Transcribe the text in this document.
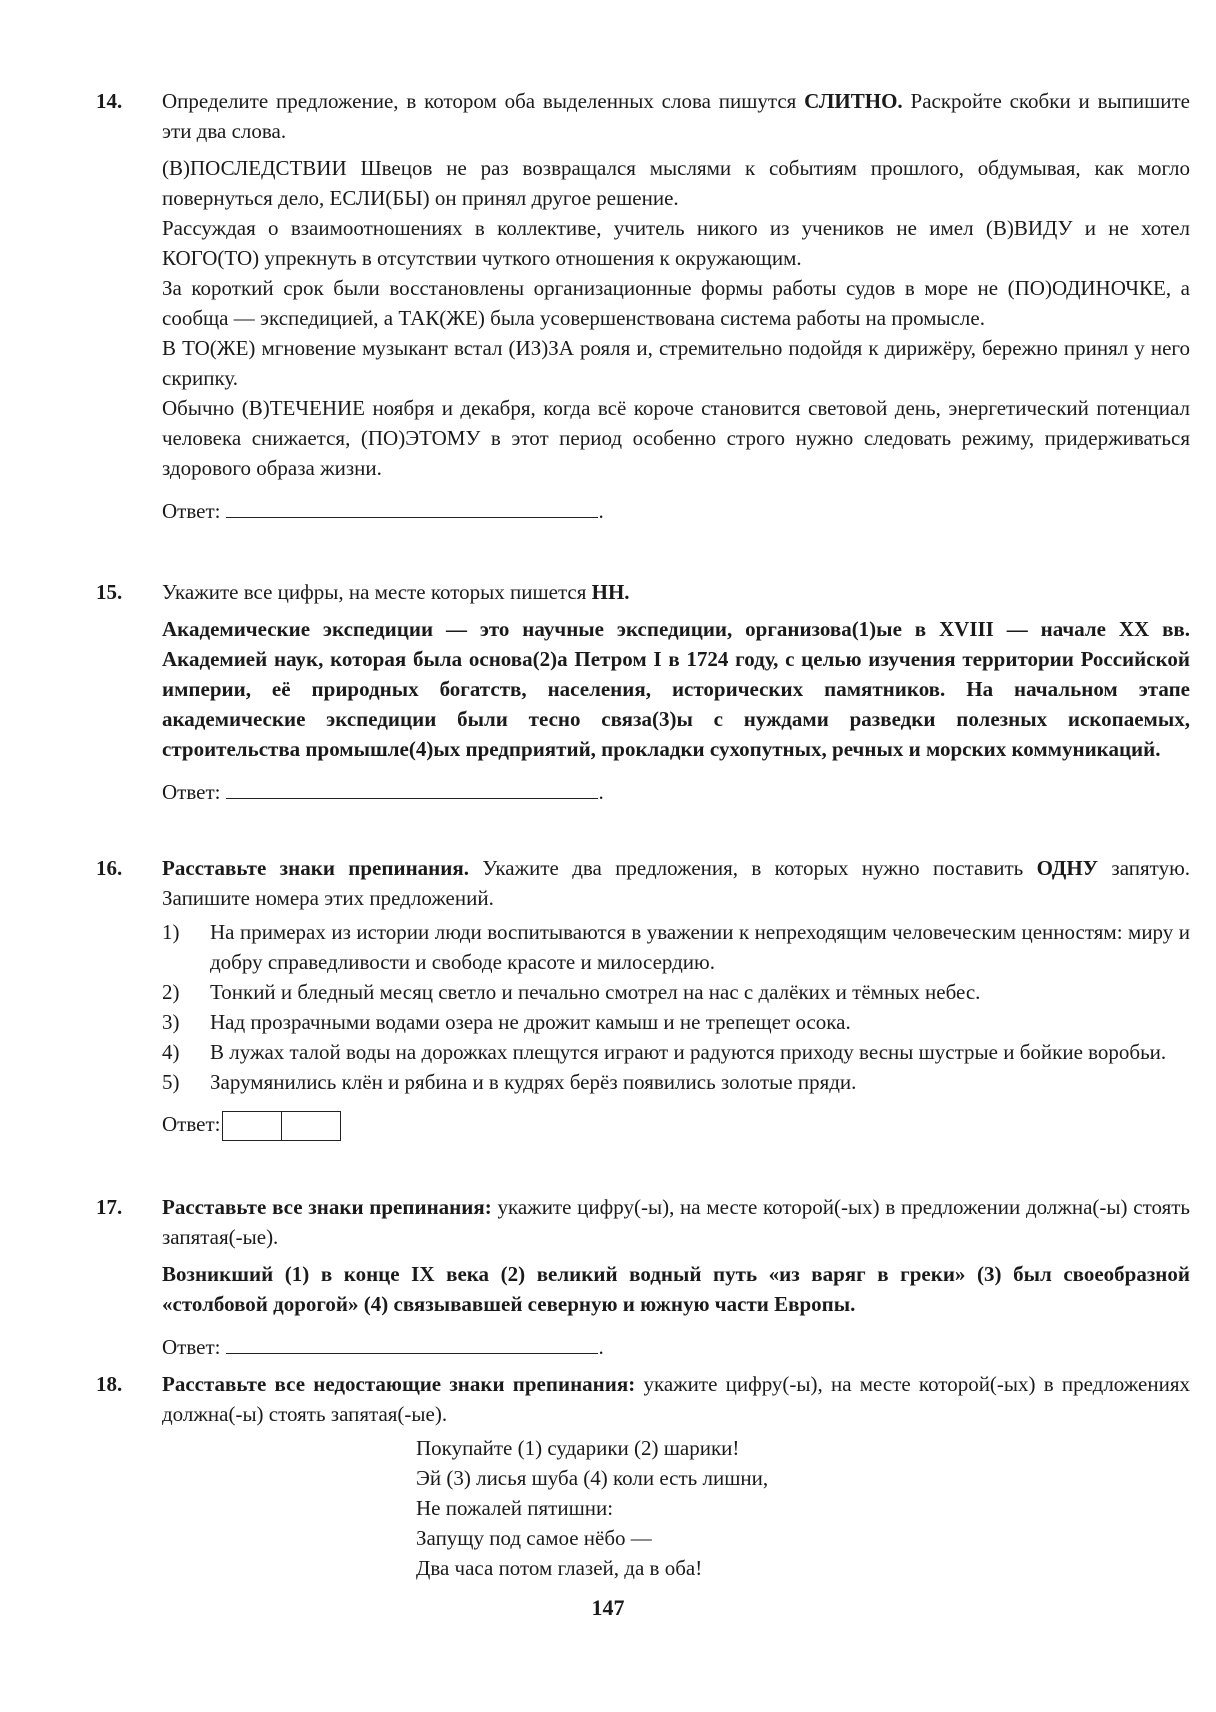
14. Определите предложение, в котором оба выделенных слова пишутся СЛИТНО. Раскройте скобки и выпишите эти два слова.

(В)ПОСЛЕДСТВИИ Швецов не раз возвращался мыслями к событиям прошлого, обдумывая, как могло повернуться дело, ЕСЛИ(БЫ) он принял другое решение.

Рассуждая о взаимоотношениях в коллективе, учитель никого из учеников не имел (В)ВИДУ и не хотел КОГО(ТО) упрекнуть в отсутствии чуткого отношения к окружающим.

За короткий срок были восстановлены организационные формы работы судов в море не (ПО)ОДИНОЧКЕ, а сообща — экспедицией, а ТАК(ЖЕ) была усовершенствована система работы на промысле.

В ТО(ЖЕ) мгновение музыкант встал (ИЗ)ЗА рояля и, стремительно подойдя к дирижёру, бережно принял у него скрипку.

Обычно (В)ТЕЧЕНИЕ ноября и декабря, когда всё короче становится световой день, энергетический потенциал человека снижается, (ПО)ЭТОМУ в этот период особенно строго нужно следовать режиму, придерживаться здорового образа жизни.

Ответ:	.
15. Укажите все цифры, на месте которых пишется НН.

Академические экспедиции — это научные экспедиции, организова(1)ые в XVIII — начале XX вв. Академией наук, которая была основа(2)а Петром I в 1724 году, с целью изучения территории Российской империи, её природных богатств, населения, исторических памятников. На начальном этапе академические экспедиции были тесно связа(3)ы с нуждами разведки полезных ископаемых, строительства промышле(4)ых предприятий, прокладки сухопутных, речных и морских коммуникаций.

Ответ:	.
16. Расставьте знаки препинания. Укажите два предложения, в которых нужно поставить ОДНУ запятую. Запишите номера этих предложений.

1) На примерах из истории люди воспитываются в уважении к непреходящим человеческим ценностям: миру и добру справедливости и свободе красоте и милосердию.
2) Тонкий и бледный месяц светло и печально смотрел на нас с далёких и тёмных небес.
3) Над прозрачными водами озера не дрожит камыш и не трепещет осока.
4) В лужах талой воды на дорожках плещутся играют и радуются приходу весны шустрые и бойкие воробьи.
5) Зарумянились клён и рябина и в кудрях берёз появились золотые пряди.
Ответ:
17. Расставьте все знаки препинания: укажите цифру(-ы), на месте которой(-ых) в предложении должна(-ы) стоять запятая(-ые).

Возникший (1) в конце IX века (2) великий водный путь «из варяг в греки» (3) был своеобразной «столбовой дорогой» (4) связывавшей северную и южную части Европы.

Ответ:	.
18. Расставьте все недостающие знаки препинания: укажите цифру(-ы), на месте которой(-ых) в предложениях должна(-ы) стоять запятая(-ые).

Покупайте (1) сударики (2) шарики!
Эй (3) лисья шуба (4) коли есть лишни,
Не пожалей пятишни:
Запущу под самое нёбо —
Два часа потом глазей, да в оба!
147
